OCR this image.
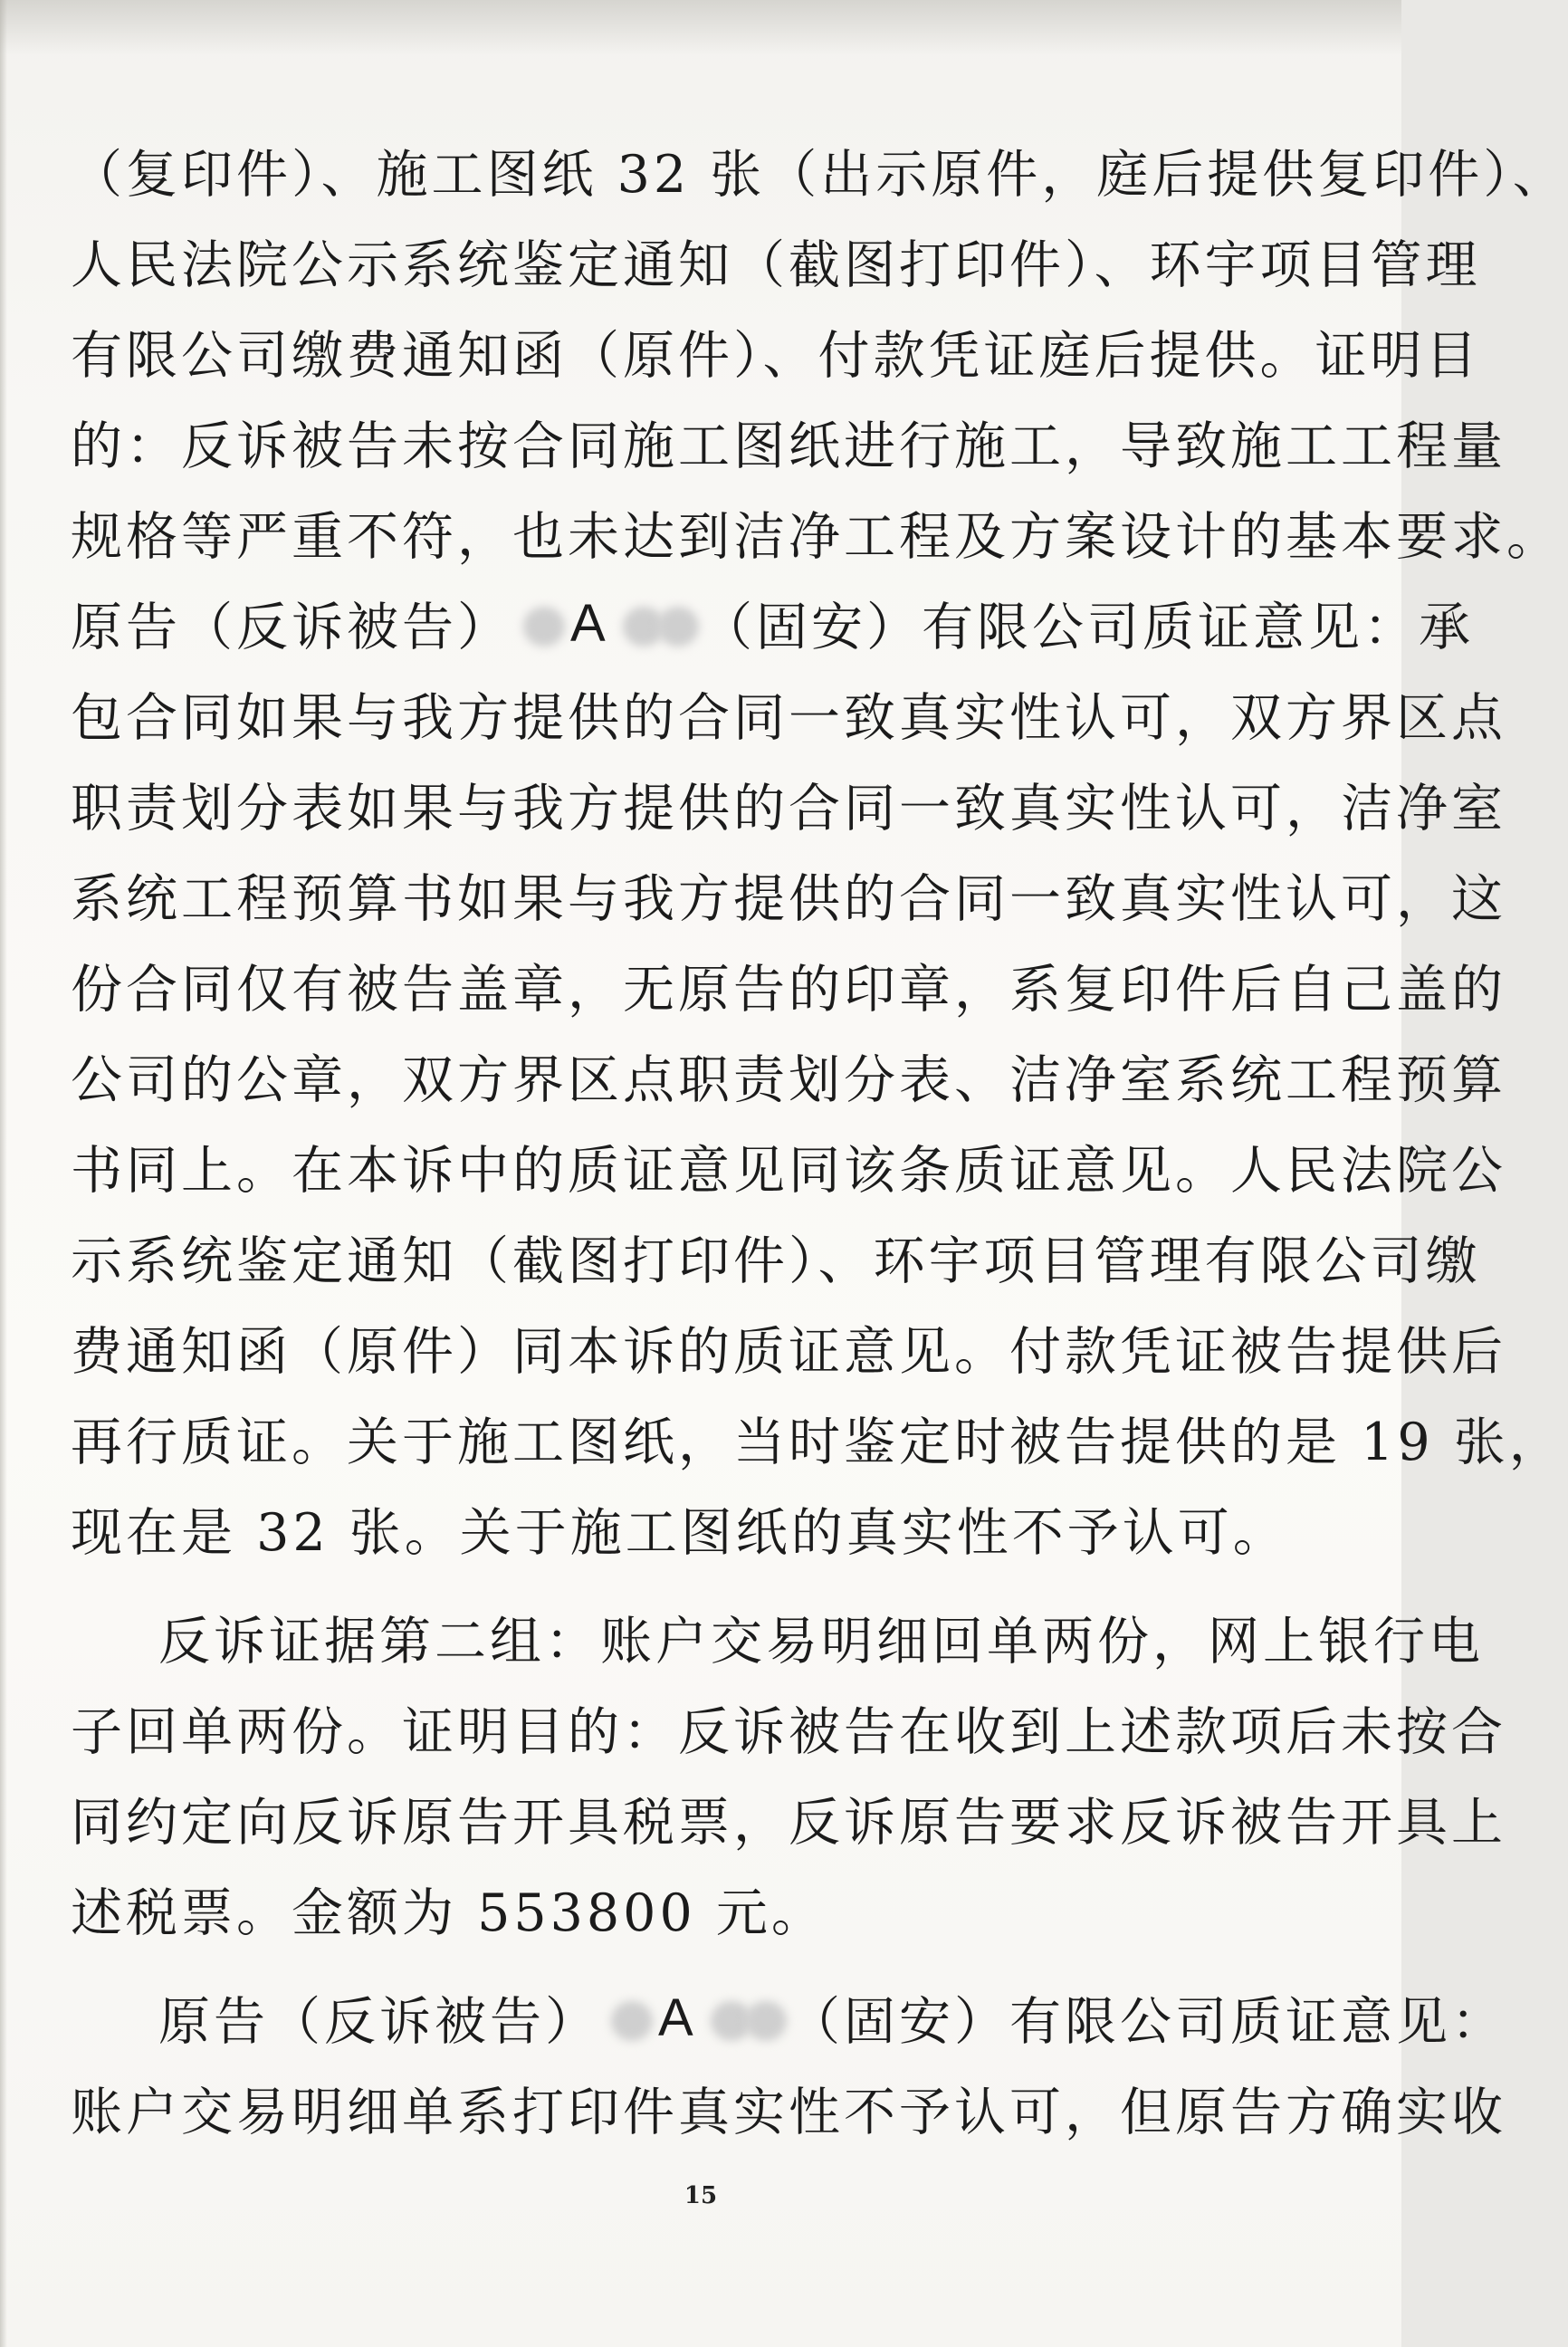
（复印件）、施工图纸 32 张（出示原件，庭后提供复印件）、
人民法院公示系统鉴定通知（截图打印件）、环宇项目管理
有限公司缴费通知函（原件）、付款凭证庭后提供。证明目
的：反诉被告未按合同施工图纸进行施工，导致施工工程量
规格等严重不符，也未达到洁净工程及方案设计的基本要求。
原告（反诉被告） A （固安）有限公司质证意见：承
包合同如果与我方提供的合同一致真实性认可，双方界区点
职责划分表如果与我方提供的合同一致真实性认可，洁净室
系统工程预算书如果与我方提供的合同一致真实性认可，这
份合同仅有被告盖章，无原告的印章，系复印件后自己盖的
公司的公章，双方界区点职责划分表、洁净室系统工程预算
书同上。在本诉中的质证意见同该条质证意见。人民法院公
示系统鉴定通知（截图打印件）、环宇项目管理有限公司缴
费通知函（原件）同本诉的质证意见。付款凭证被告提供后
再行质证。关于施工图纸，当时鉴定时被告提供的是 19 张，
现在是 32 张。关于施工图纸的真实性不予认可。
反诉证据第二组：账户交易明细回单两份，网上银行电
子回单两份。证明目的：反诉被告在收到上述款项后未按合
同约定向反诉原告开具税票，反诉原告要求反诉被告开具上
述税票。金额为 553800 元。
原告（反诉被告） A （固安）有限公司质证意见：
账户交易明细单系打印件真实性不予认可，但原告方确实收
15
